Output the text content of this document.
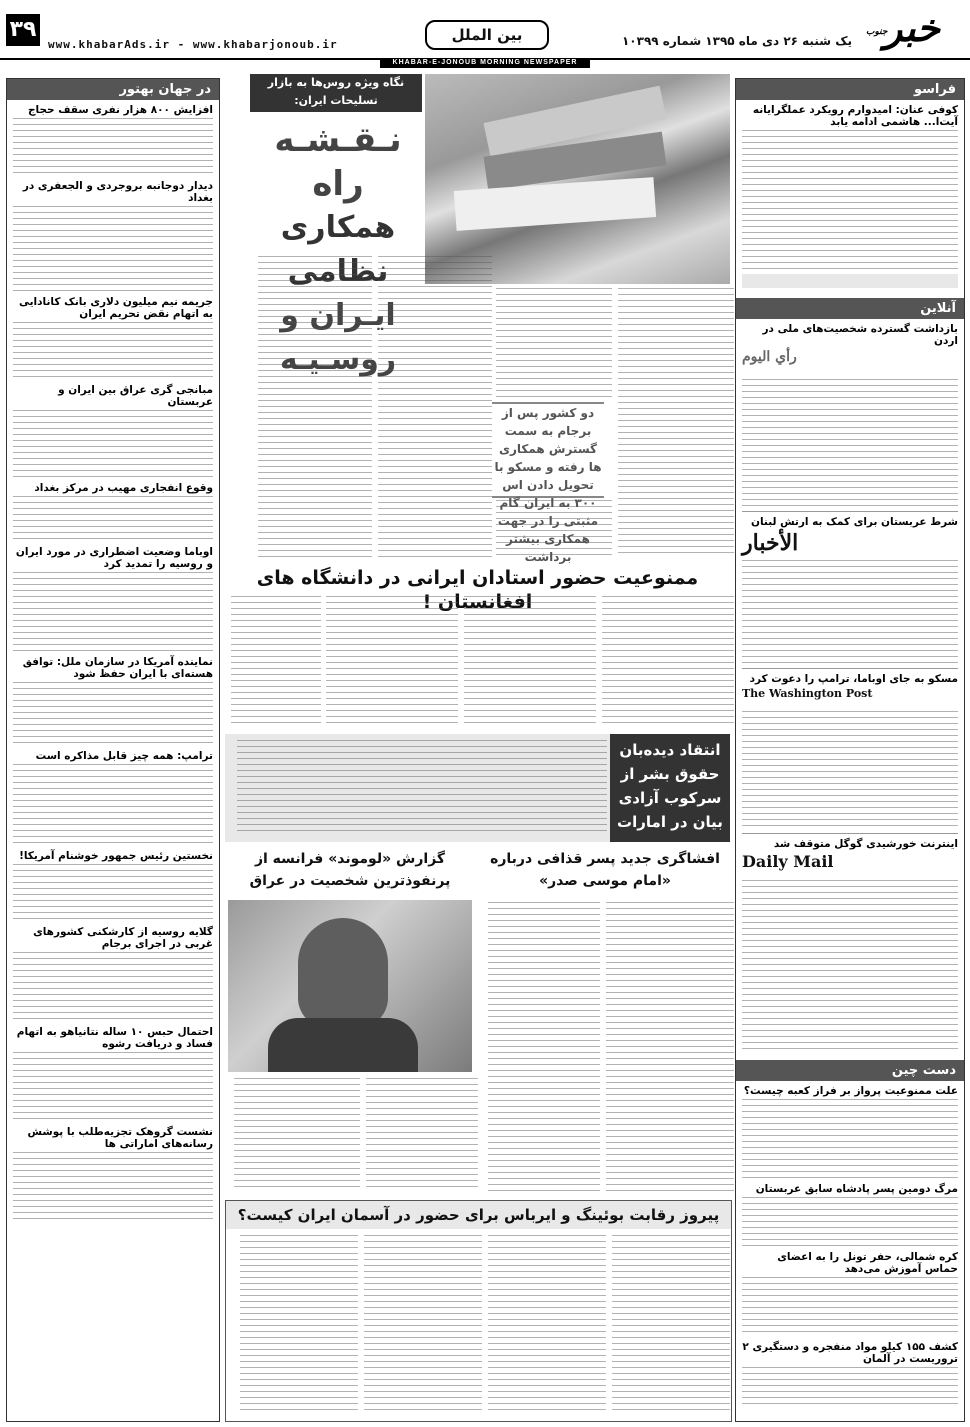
۳۹
www.khabarAds.ir - www.khabarjonoub.ir
بین الملل	یک شنبه ۲۶ دی ماه ۱۳۹۵ شماره ۱۰۳۹۹ خبر
جنوب
KHABAR-E-JONOUB MORNING NEWSPAPER
فراسو
کوفی عنان: امیدوارم رویکرد عملگرایانه آیت‌ا... هاشمی ادامه یابد
آنلاین
بازداشت گسترده شخصیت‌های ملی در اردن
رأي اليوم
شرط عربستان برای کمک به ارتش لبنان
الأخبار
مسکو به جای اوباما، ترامپ را دعوت کرد
The Washington Post
اینترنت خورشیدی گوگل متوقف شد
Daily Mail
دست چین
علت ممنوعیت پرواز بر فراز کعبه چیست؟
مرگ دومین پسر پادشاه سابق عربستان
کره شمالی، حفر تونل را به اعضای حماس آموزش می‌دهد
کشف ۱۵۵ کیلو مواد منفجره و دستگیری ۲ تروریست در آلمان
در جهان بهتور
افزایش ۸۰۰ هزار نفری سقف حجاج
دیدار دوجانبه بروجردی و الجعفری در بغداد
جریمه نیم میلیون دلاری بانک کانادایی به اتهام نقض تحریم ایران
مبانجی گری عراق بین ایران و عربستان
وقوع انفجاری مهیب در مرکز بغداد
اوباما وضعیت اضطراری در مورد ایران و روسیه را تمدید کرد
نماینده آمریکا در سازمان ملل: توافق هسته‌ای با ایران حفظ شود
ترامپ: همه چیز قابل مذاکره است
نخستین رئیس جمهور خوشنام آمریکا!
گلایه روسیه از کارشکنی کشورهای غربی در اجرای برجام
احتمال حبس ۱۰ ساله نتانیاهو به اتهام فساد و دریافت رشوه
نشست گروهک تجزیه‌طلب با پوشش رسانه‌های اماراتی ها
نگاه ویژه روس‌ها به بازار تسلیحات ایران:
نـقـشـه راه
همکاری نظامی
ایـران و روسـیـه
دو کشور پس از برجام به سمت گسترش همکاری ها رفته و مسکو با تحویل دادن اس ۳۰۰ به ایران گام مثبتی را در جهت همکاری بیشتر برداشت
ممنوعیت حضور استادان ایرانی در دانشگاه های افغانستان !
انتقاد دیده‌بان حقوق بشر از سرکوب آزادی بیان در امارات
افشاگری جدید پسر قذافی درباره «امام موسی صدر»
گزارش «لوموند» فرانسه از پرنفوذترین شخصیت در عراق
پیروز رقابت بوئینگ و ایرباس برای حضور در آسمان ایران کیست؟
